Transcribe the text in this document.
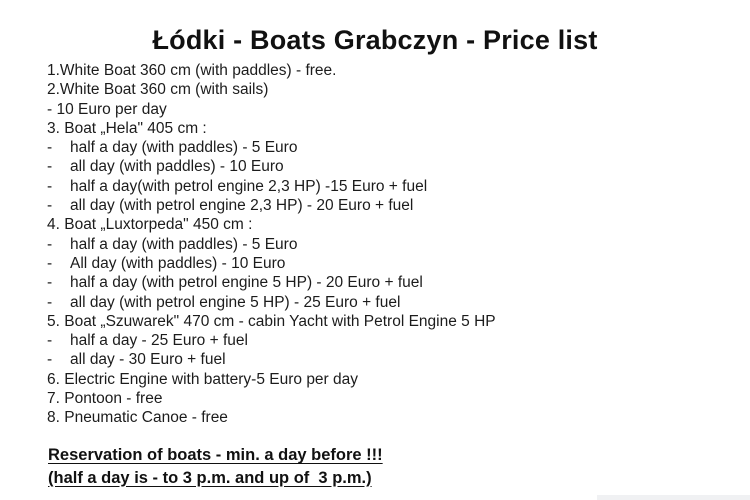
Łódki - Boats Grabczyn - Price list
1.White Boat 360 cm (with paddles) - free.
2.White Boat 360 cm (with sails)
- 10 Euro per day
3. Boat „Hela" 405 cm :
-	half a day (with paddles) - 5 Euro
-	all day (with paddles) - 10 Euro
-	half a day(with petrol engine 2,3 HP) -15 Euro + fuel
-	all day (with petrol engine 2,3 HP) - 20 Euro + fuel
4. Boat „Luxtorpeda" 450 cm :
-	half a day (with paddles) - 5 Euro
-	All day (with paddles) - 10 Euro
-	half a day (with petrol engine 5 HP) - 20 Euro + fuel
-	all day (with petrol engine 5 HP) - 25 Euro + fuel
5. Boat „Szuwarek" 470 cm - cabin Yacht with Petrol Engine 5 HP
-	half a day - 25 Euro + fuel
-	all day - 30 Euro + fuel
6. Electric Engine with battery-5 Euro per day
7. Pontoon - free
8. Pneumatic Canoe - free
Reservation of boats - min. a day before !!!
(half a day is - to 3 p.m. and up of  3 p.m.)
